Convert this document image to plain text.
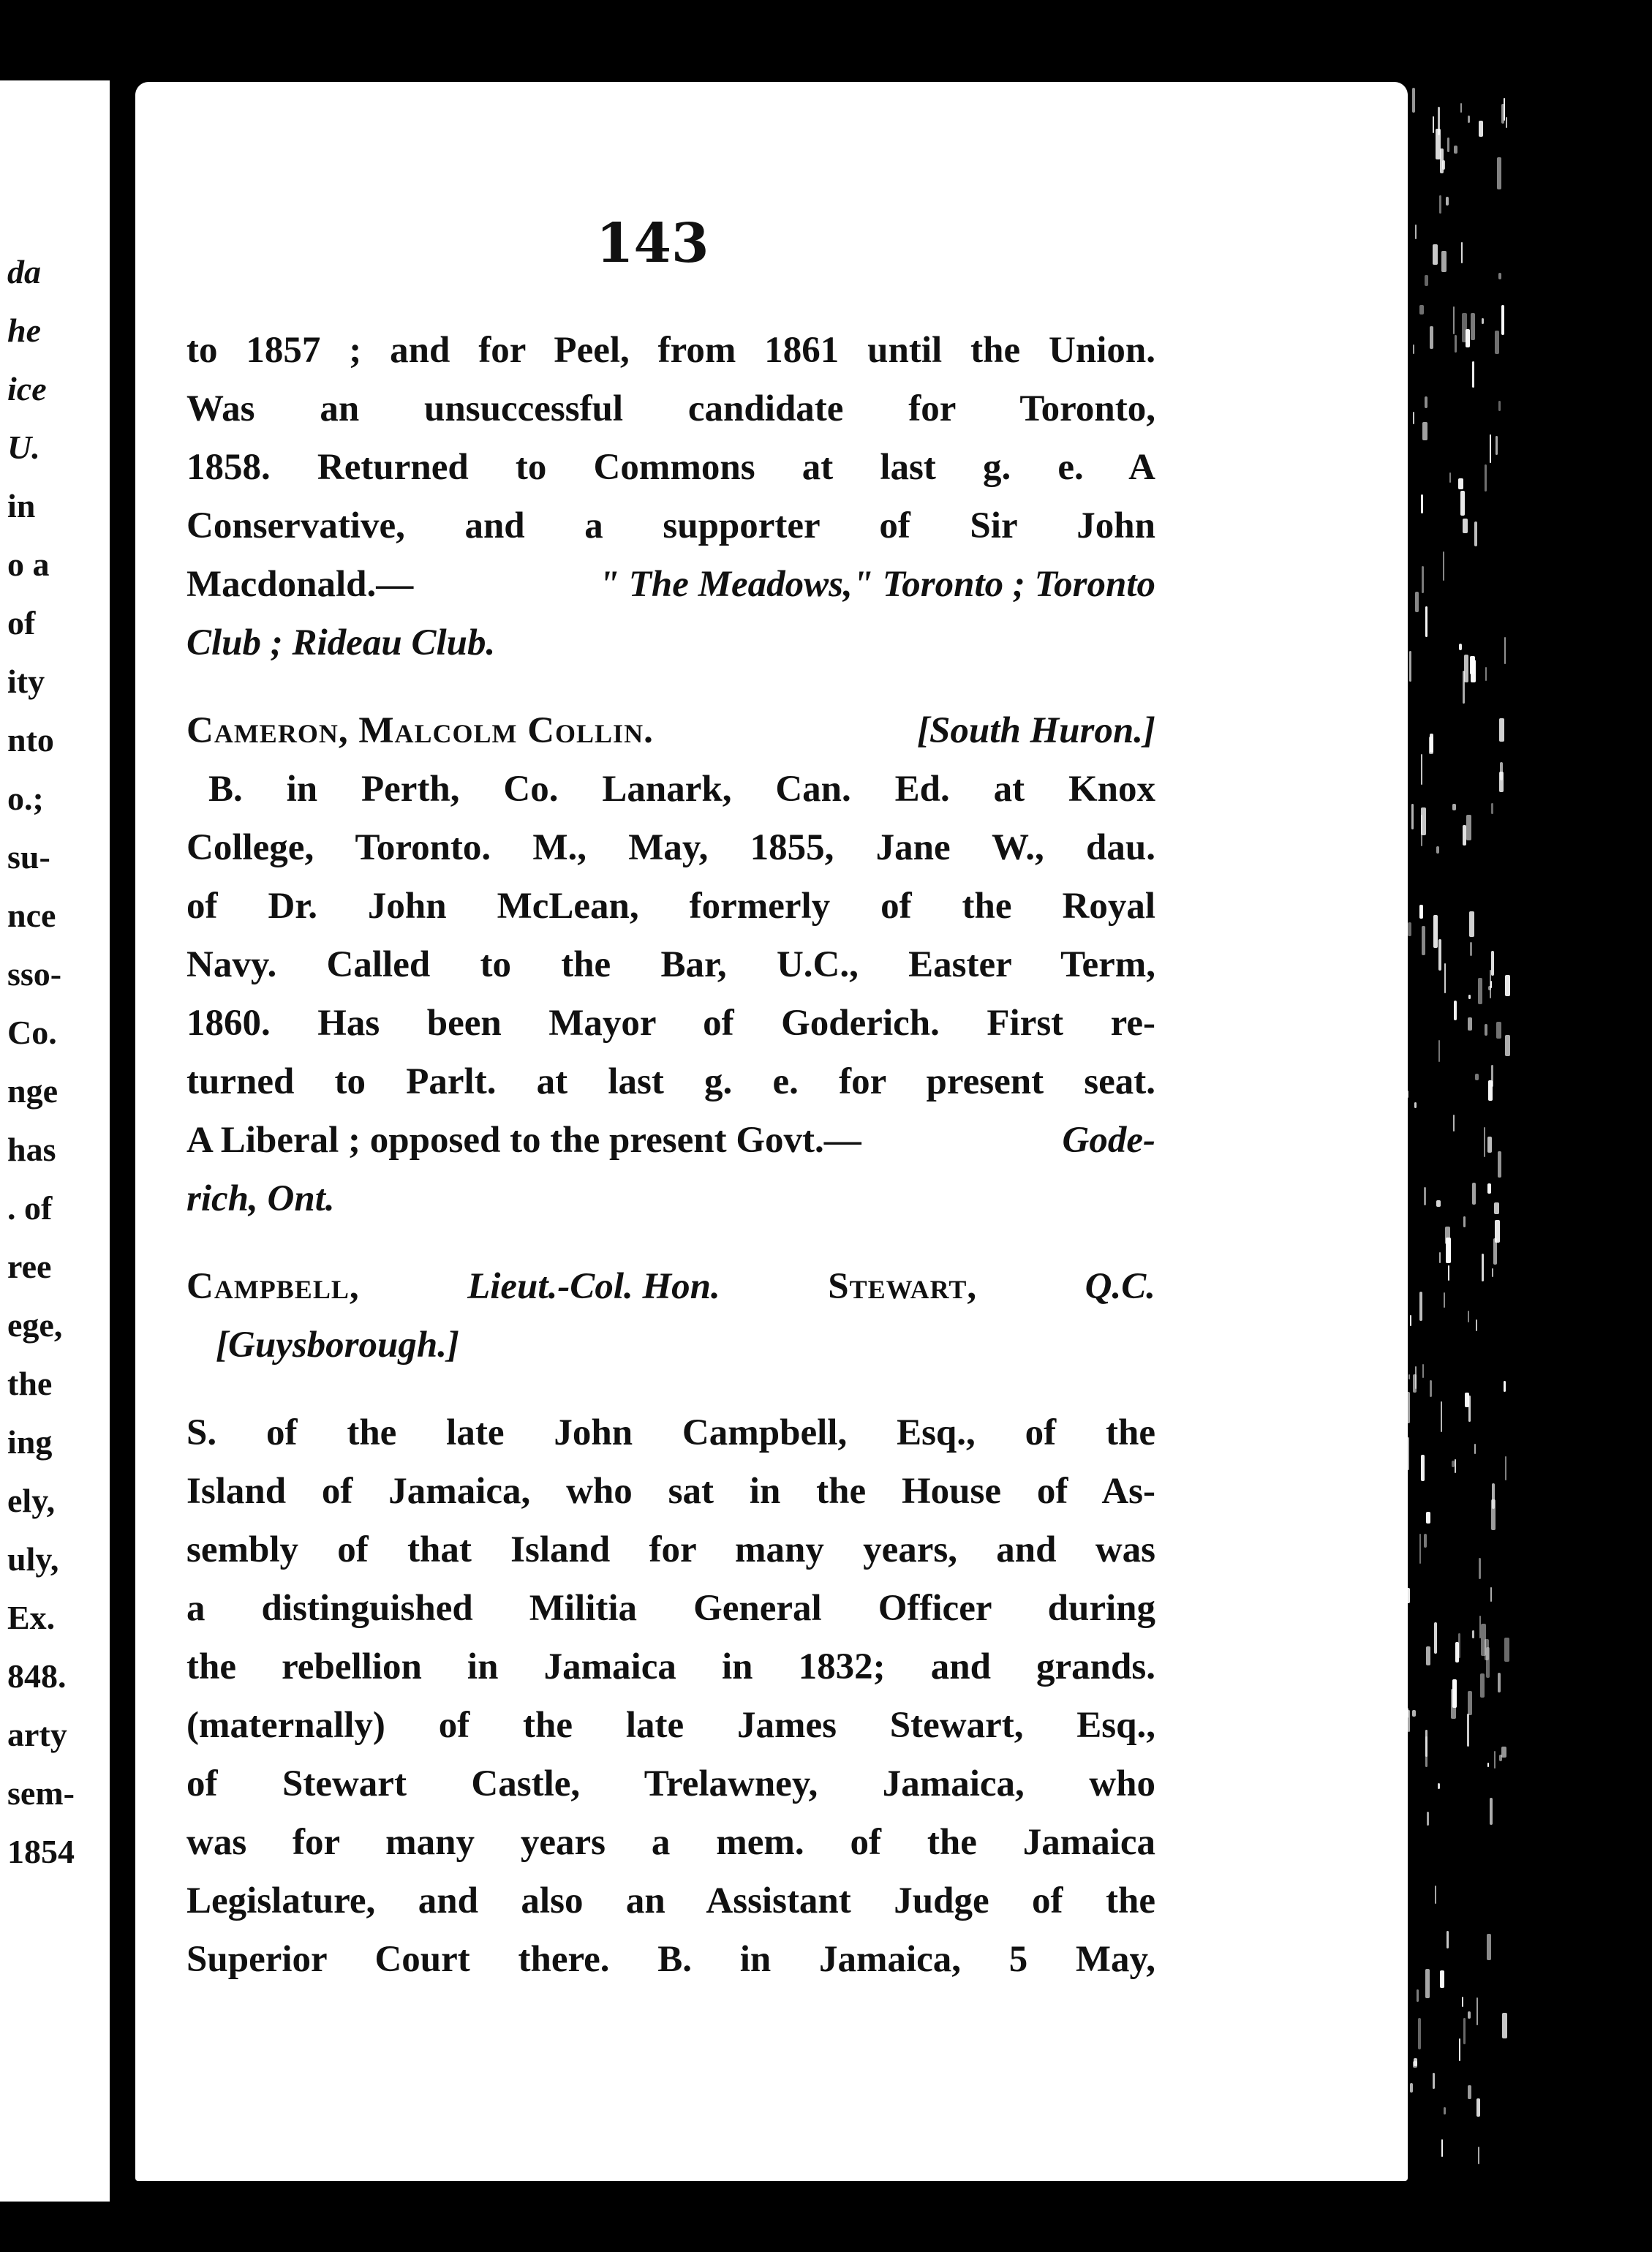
da
he
ice
U.
in
o a
of
ity
nto
o.;
su-
nce
sso-
Co.
nge
has
. of
ree
ege,
the
ing
ely,
uly,
Ex.
848.
arty
sem-
1854
143
to 1857 ; and for Peel, from 1861 until the Union.
Was an unsuccessful candidate for Toronto,
1858. Returned to Commons at last g. e. A
Conservative, and a supporter of Sir John
Macdonald.—	" The Meadows," Toronto ; Toronto
Club ; Rideau Club.
Cameron, Malcolm Collin.	[South Huron.]
B. in Perth, Co. Lanark, Can. Ed. at Knox
College, Toronto. M., May, 1855, Jane W., dau.
of Dr. John McLean, formerly of the Royal
Navy. Called to the Bar, U.C., Easter Term,
1860. Has been Mayor of Goderich. First re-
turned to Parlt. at last g. e. for present seat.
A Liberal ; opposed to the present Govt.—	Gode-
rich, Ont.
Campbell,	Lieut.-Col. Hon.	Stewart,	Q.C.
[Guysborough.]
S. of the late John Campbell, Esq., of the
Island of Jamaica, who sat in the House of As-
sembly of that Island for many years, and was
a distinguished Militia General Officer during
the rebellion in Jamaica in 1832; and grands.
(maternally) of the late James Stewart, Esq.,
of Stewart Castle, Trelawney, Jamaica, who
was for many years a mem. of the Jamaica
Legislature, and also an Assistant Judge of the
Superior Court there. B. in Jamaica, 5 May,
